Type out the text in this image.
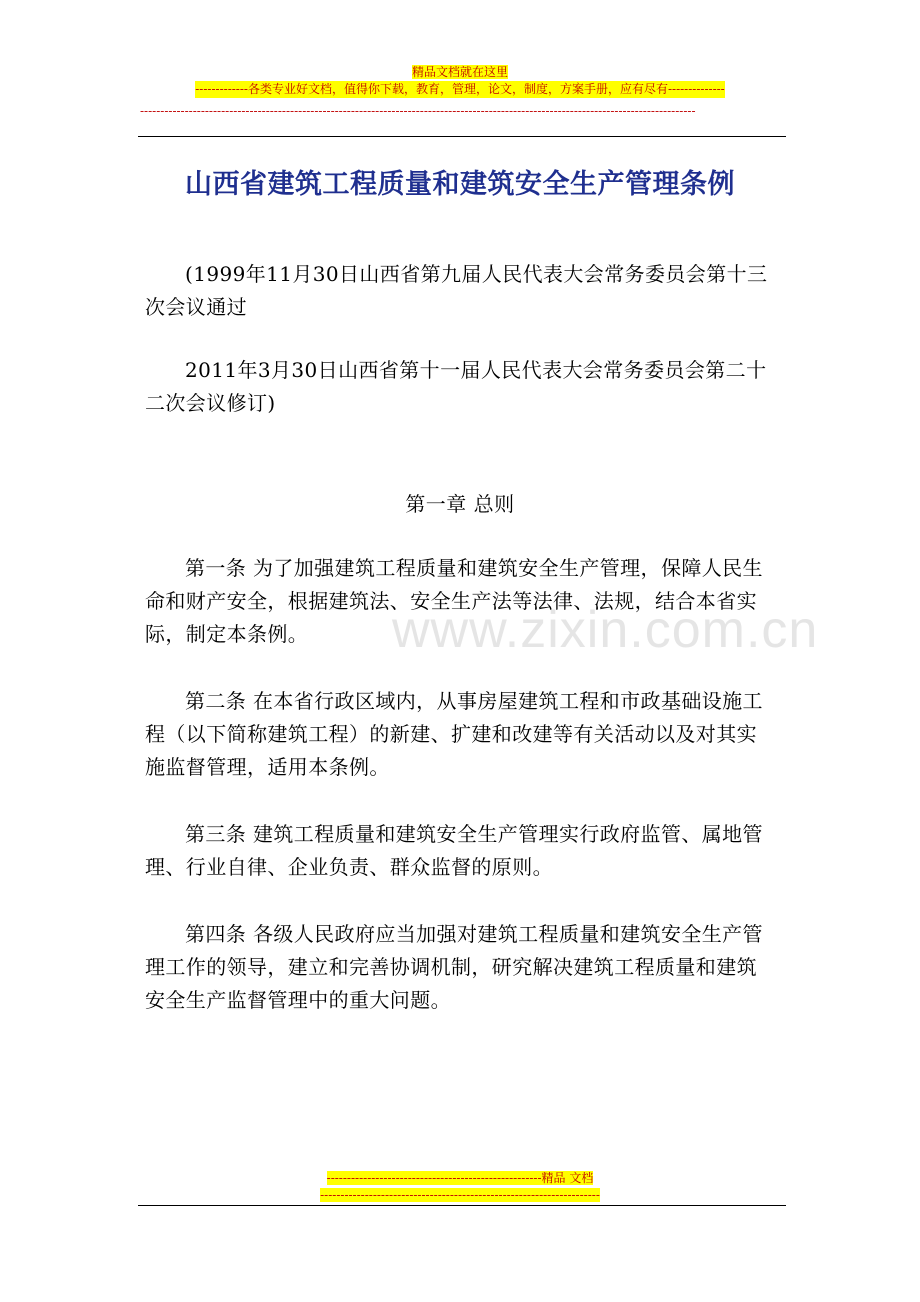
精品文档就在这里
-------------各类专业好文档，值得你下载，教育，管理，论文，制度，方案手册，应有尽有--------------
-----------------------------------------------------------------------------------------------------------------------------------------
山西省建筑工程质量和建筑安全生产管理条例

(1999年11月30日山西省第九届人民代表大会常务委员会第十三次会议通过

2011年3月30日山西省第十一届人民代表大会常务委员会第二十二次会议修订)

第一章 总则
www.zixin.com.cn

第一条 为了加强建筑工程质量和建筑安全生产管理，保障人民生命和财产安全，根据建筑法、安全生产法等法律、法规，结合本省实际，制定本条例。

第二条 在本省行政区域内，从事房屋建筑工程和市政基础设施工程（以下简称建筑工程）的新建、扩建和改建等有关活动以及对其实施监督管理，适用本条例。

第三条 建筑工程质量和建筑安全生产管理实行政府监管、属地管理、行业自律、企业负责、群众监督的原则。

第四条 各级人民政府应当加强对建筑工程质量和建筑安全生产管理工作的领导，建立和完善协调机制，研究解决建筑工程质量和建筑安全生产监督管理中的重大问题。

-----------------------------------------------------精品 文档
---------------------------------------------------------------------
